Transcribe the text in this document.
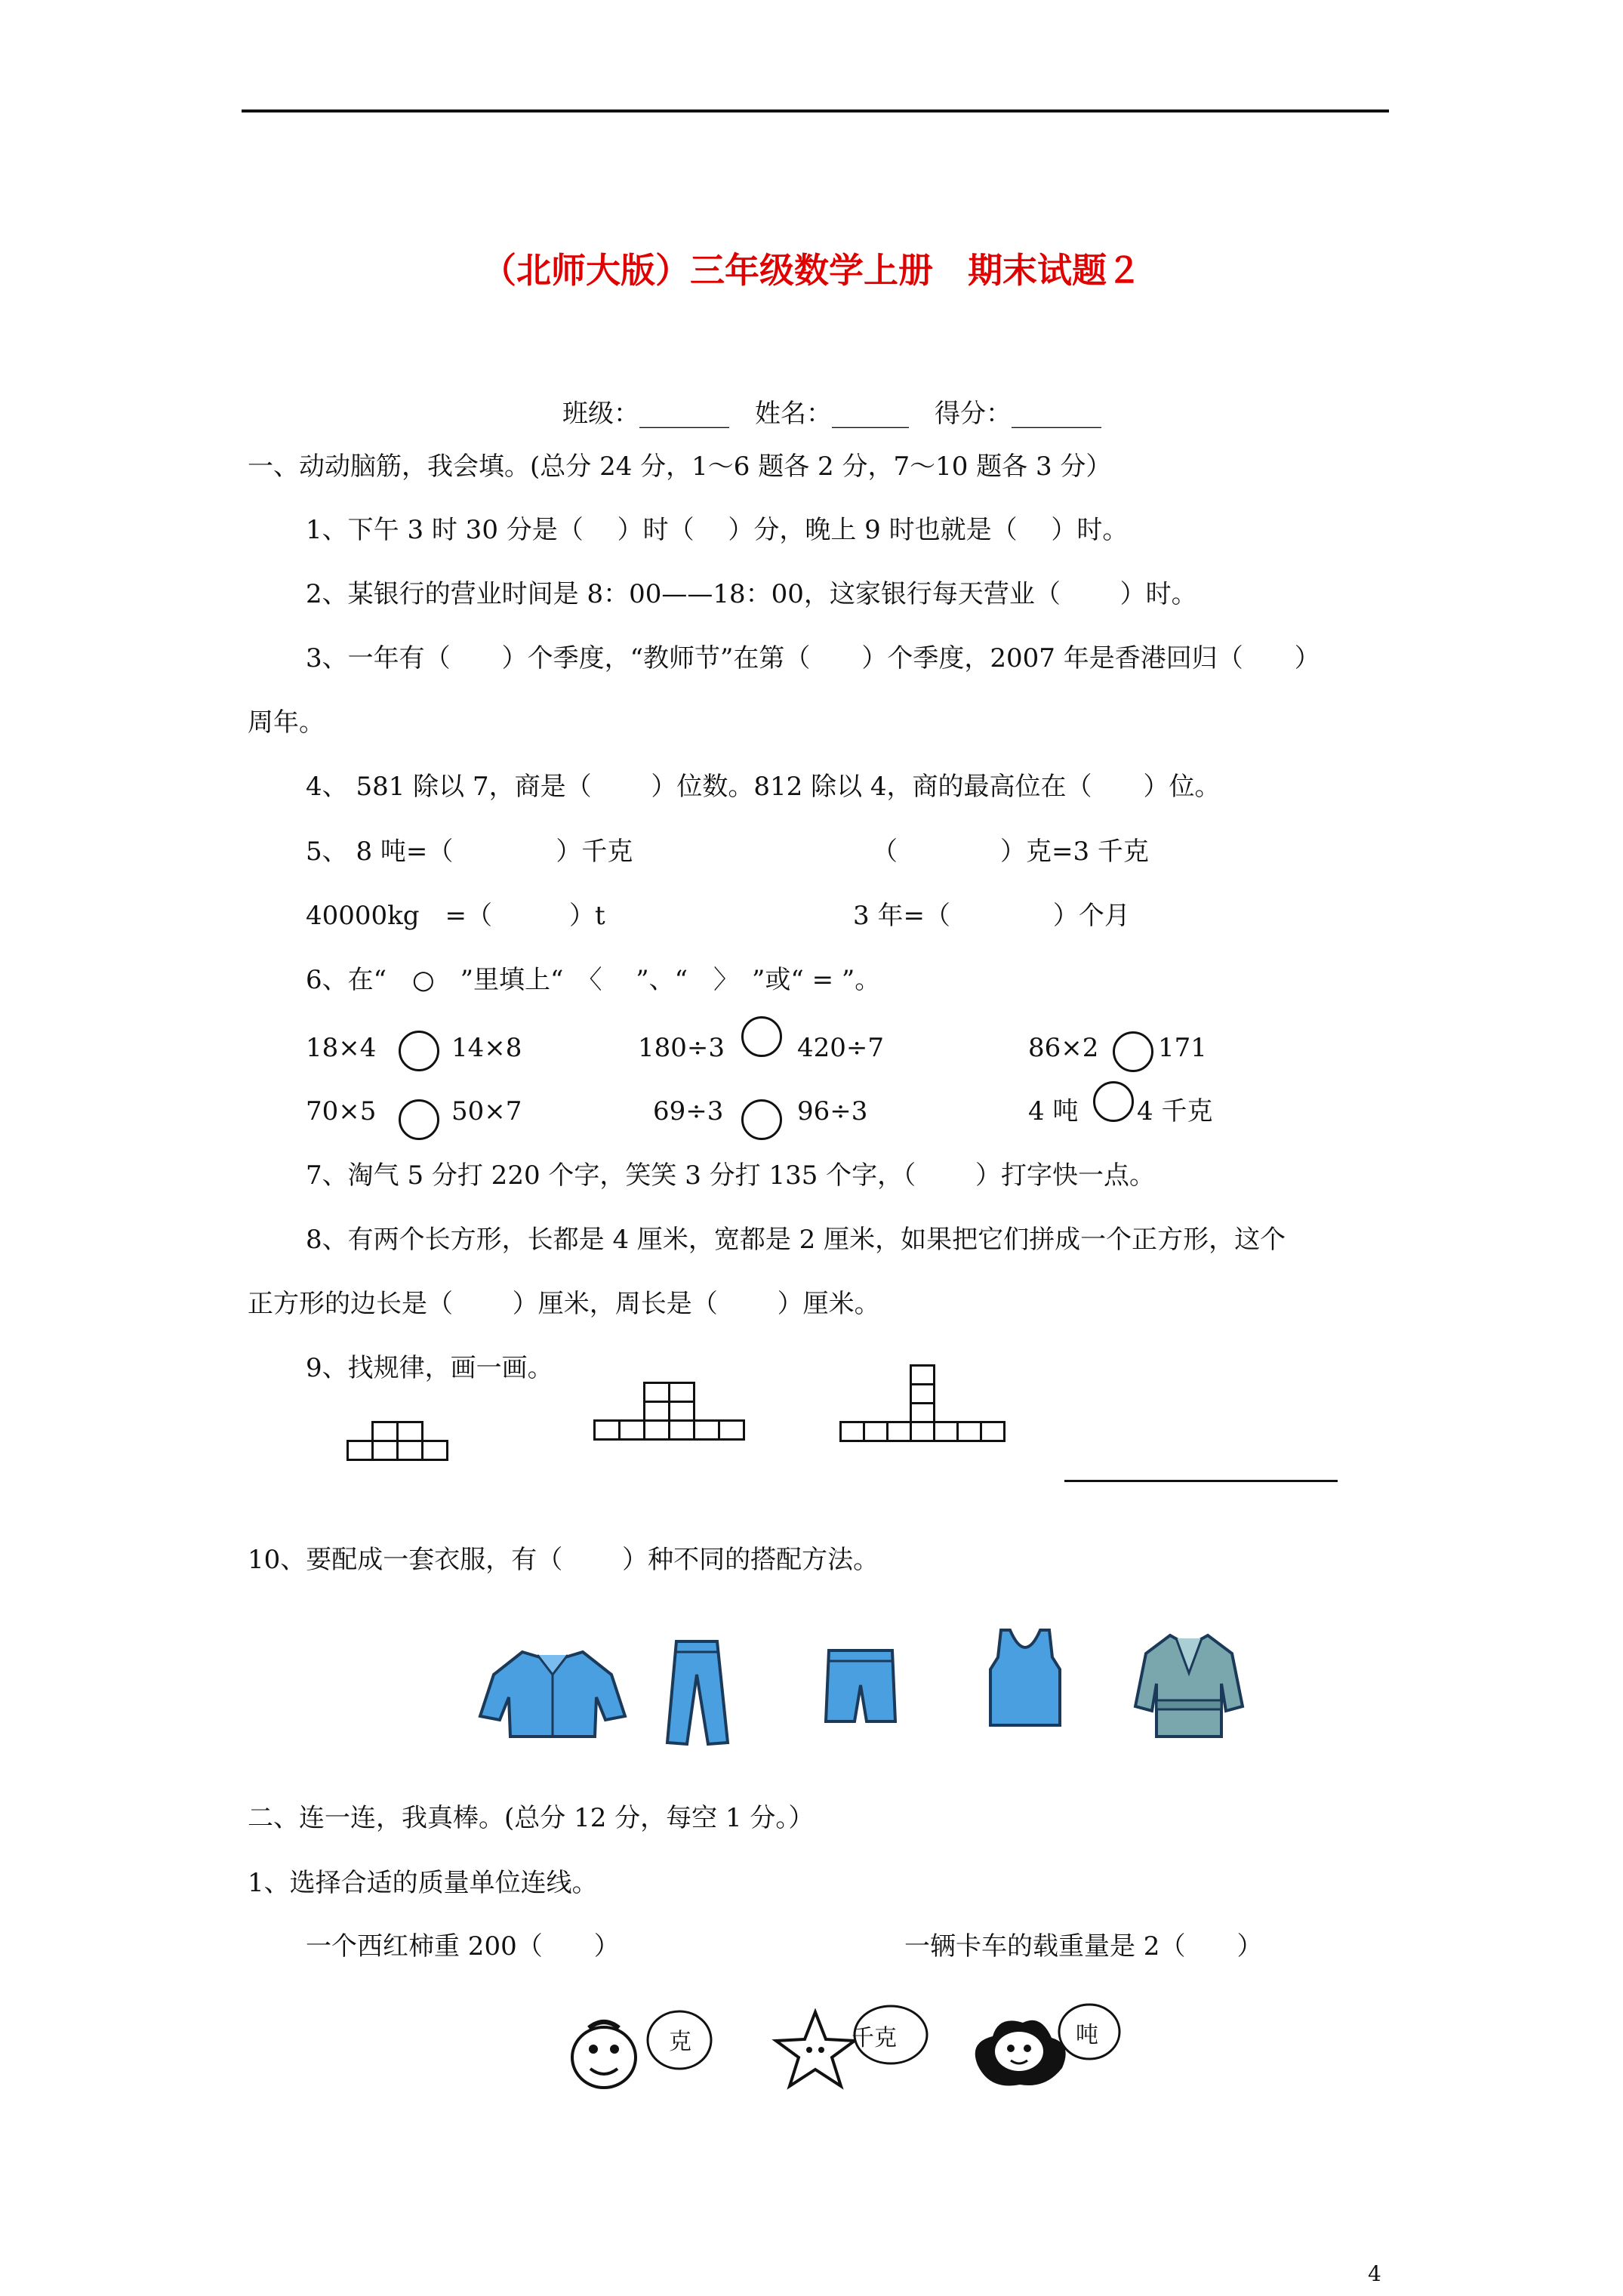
（北师大版）三年级数学上册　期末试题２
班级：_______　姓名：______　得分：_______
一、动动脑筋，我会填。(总分 24 分，1～6 题各 2 分，7～10 题各 3 分）
1、下午 3 时 30 分是（　 ）时（　 ）分，晚上 9 时也就是（　 ）时。
2、某银行的营业时间是 8：00——18：00，这家银行每天营业（　　 ）时。
3、一年有（　　）个季度，“教师节”在第（　　）个季度，2007 年是香港回归（　　）
周年。
4、 581 除以 7，商是（　　 ）位数。812 除以 4，商的最高位在（　　）位。
5、 8 吨=（　　　　）千克	（　　　　）克=3 千克
40000kg　=（　　　）t	3 年=（　　　　）个月
6、在“　○　”里填上“　〈　 ”、“　〉　”或“ = ”。
18×4	14×8	180÷3	420÷7	86×2 171
70×5	50×7	69÷3	96÷3	4 吨 4 千克
7、淘气 5 分打 220 个字，笑笑 3 分打 135 个字，（　　 ）打字快一点。
8、有两个长方形，长都是 4 厘米，宽都是 2 厘米，如果把它们拼成一个正方形，这个
正方形的边长是（　　 ）厘米，周长是（　　 ）厘米。
9、找规律，画一画。
10、要配成一套衣服，有（　　 ）种不同的搭配方法。
二、连一连，我真棒。(总分 12 分，每空 1 分。）
1、选择合适的质量单位连线。
一个西红柿重 200（　　）	一辆卡车的载重量是 2（　　）
克	千克	吨
4
